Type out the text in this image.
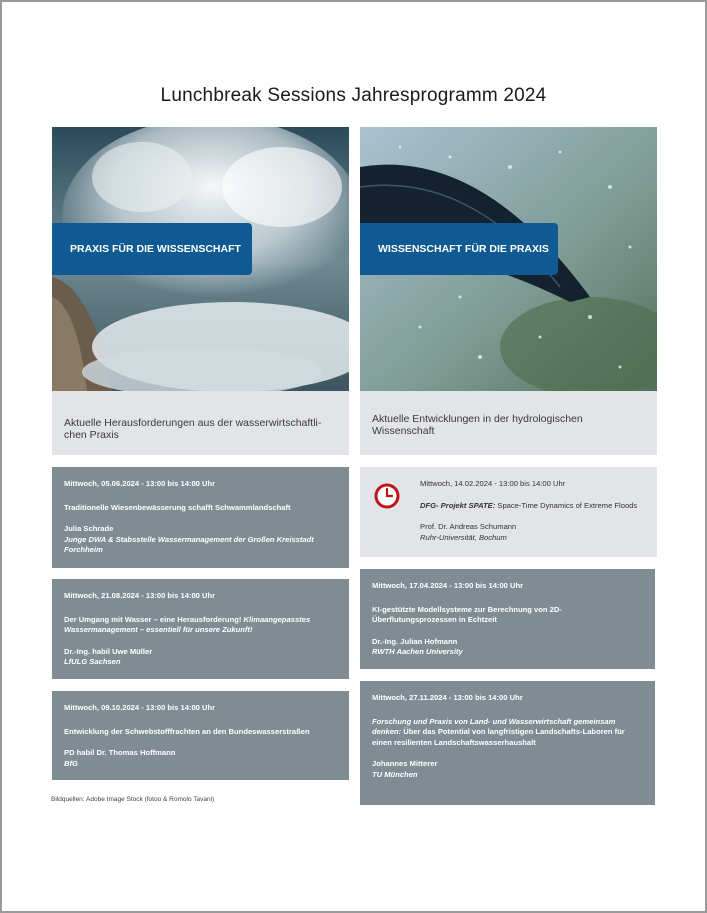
Lunchbreak Sessions Jahresprogramm 2024
PRAXIS FÜR DIE WISSENSCHAFT	WISSENSCHAFT FÜR DIE PRAXIS
Aktuelle Herausforderungen aus der wasserwirtschaftli-chen Praxis
Aktuelle Entwicklungen in der hydrologischen Wissenschaft
Mittwoch, 05.06.2024 - 13:00 bis 14:00 Uhr
Traditionelle Wiesenbewässerung schafft Schwammlandschaft
Julia Schrade
Junge DWA & Stabsstelle Wassermanagement der Großen Kreisstadt Forchheim
Mittwoch, 21.08.2024 - 13:00 bis 14:00 Uhr
Der Umgang mit Wasser – eine Herausforderung! Klimaangepasstes Wassermanagement – essentiell für unsere Zukunft!
Dr.-Ing. habil Uwe Müller
LfULG Sachsen
Mittwoch, 09.10.2024 - 13:00 bis 14:00 Uhr
Entwicklung der Schwebstofffrachten an den Bundeswasserstraßen
PD habil Dr. Thomas Hoffmann
BfG
Mittwoch, 14.02.2024 - 13:00 bis 14:00 Uhr
DFG- Projekt SPATE: Space-Time Dynamics of Extreme Floods
Prof. Dr. Andreas Schumann
Ruhr-Universität, Bochum
Mittwoch, 17.04.2024 - 13:00 bis 14:00 Uhr
KI-gestützte Modellsysteme zur Berechnung von 2D-Überflutungsprozessen in Echtzeit
Dr.-Ing. Julian Hofmann
RWTH Aachen University
Mittwoch, 27.11.2024 - 13:00 bis 14:00 Uhr
Forschung und Praxis von Land- und Wasserwirtschaft gemeinsam denken: Über das Potential von langfristigen Landschafts-Laboren für einen resilienten Landschaftswasserhaushalt
Johannes Mitterer
TU München
Bildquellen: Adobe Image Stock (fotoo & Romolo Tavani)
